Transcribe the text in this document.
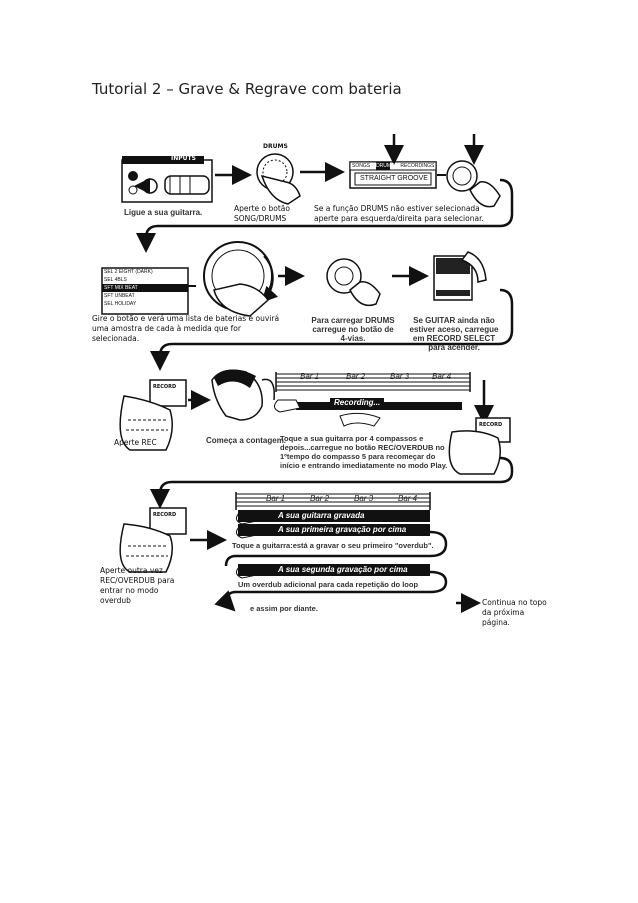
Tutorial 2 – Grave & Regrave com bateria
INPUTS
Ligue a sua guitarra.
DRUMS
Aperte o botão SONG/DRUMS
SONGS DRUMS RECORDINGS
STRAIGHT GROOVE
Se a função DRUMS não estiver selecionada aperte para esquerda/direita para selecionar.
SEL 2 EIGHT (DARK)
SEL 4BLS
SFT MIX BEAT
SFT UNBEAT
SEL HOLIDAY
Gire o botão e verá uma lista de baterias e ouvirá uma amostra de cada à medida que for selecionada.
Para carregar DRUMS carregue no botão de 4-vias.
Se GUITAR ainda não estiver aceso, carregue em RECORD SELECT para acender.
RECORD
Aperte REC	Começa a contagem.
Bar 1	Bar 2	Bar 3	Bar 4
Recording...
Toque a sua guitarra por 4 compassos e depois...carregue no botão REC/OVERDUB no 1ºtempo do compasso 5 para recomeçar do início e entrando imediatamente no modo Play.
RECORD
RECORD
Aperte outra vez REC/OVERDUB para entrar no modo overdub
Bar 1	Bar 2	Bar 3	Bar 4
A sua guitarra gravada
A sua primeira gravação por cima
Toque a guitarra:está a gravar o seu primeiro "overdub".
A sua segunda gravação por cima
Um overdub adicional para cada repetição do loop
e assim por diante.
Continua no topo da próxima página.
